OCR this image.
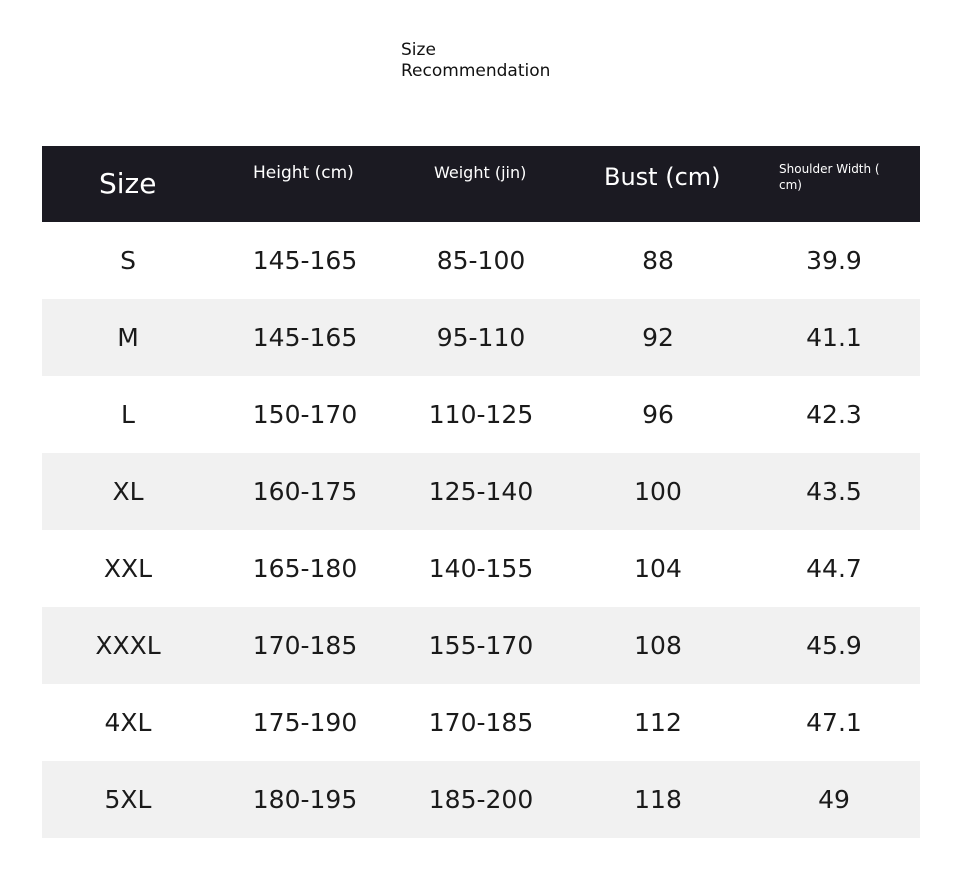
Size
Recommendation
Size	Height (cm)	Weight (jin)	Bust (cm)	Shoulder Width ( cm)
S	145-165	85-100	88	39.9
M	145-165	95-110	92	41.1
L	150-170	110-125	96	42.3
XL	160-175	125-140	100	43.5
XXL	165-180	140-155	104	44.7
XXXL	170-185	155-170	108	45.9
4XL	175-190	170-185	112	47.1
5XL	180-195	185-200	118	49
